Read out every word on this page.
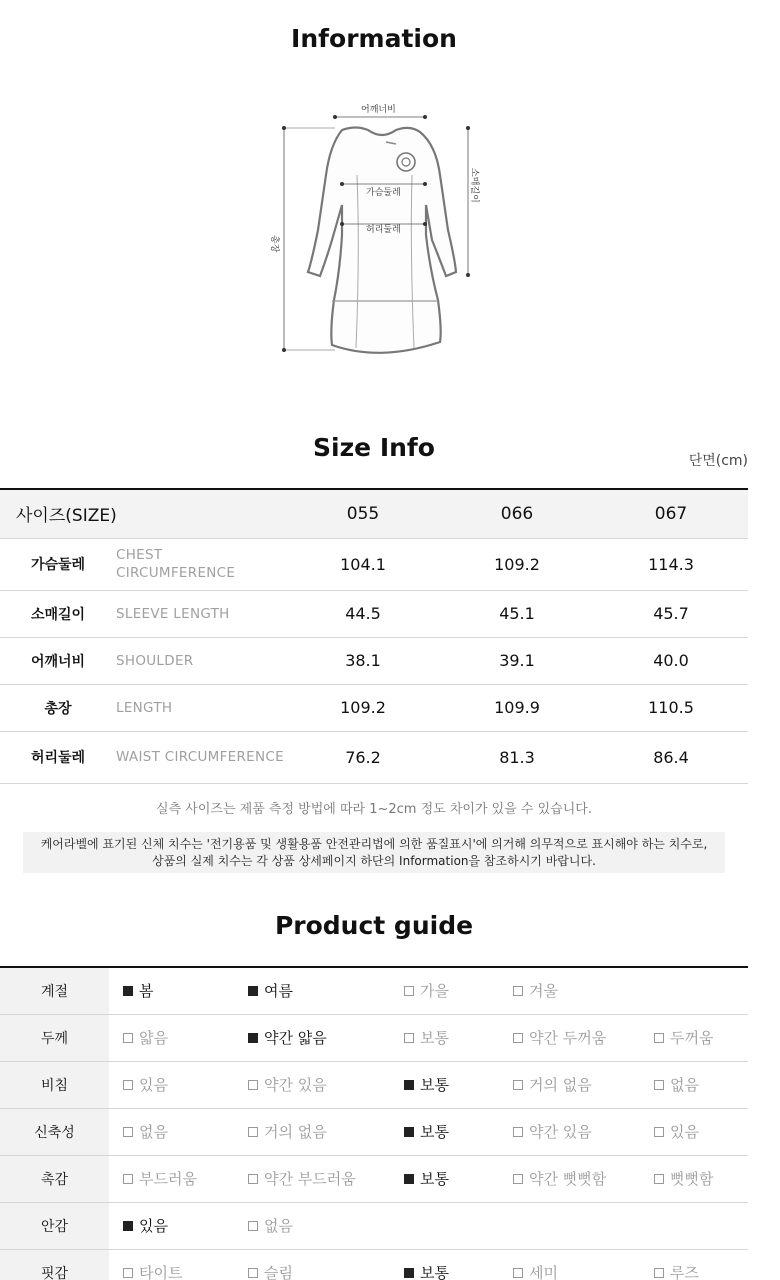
Information
어깨너비
총장
소매길이
가슴둘레
허리둘레
Size Info	단면(cm)
사이즈(SIZE)		055	066	067
가슴둘레	CHEST CIRCUMFERENCE	104.1	109.2	114.3
소매길이	SLEEVE LENGTH	44.5	45.1	45.7
어깨너비	SHOULDER	38.1	39.1	40.0
총장	LENGTH	109.2	109.9	110.5
허리둘레	WAIST CIRCUMFERENCE	76.2	81.3	86.4
실측 사이즈는 제품 측정 방법에 따라 1~2cm 정도 차이가 있을 수 있습니다.
케어라벨에 표기된 신체 치수는 '전기용품 및 생활용품 안전관리법에 의한 품질표시'에 의거해 의무적으로 표시해야 하는 치수로,
상품의 실제 치수는 각 상품 상세페이지 하단의 Information을 참조하시기 바랍니다.
Product guide
계절	봄	여름	가을	겨울	
두께	얇음	약간 얇음	보통	약간 두꺼움	두꺼움
비침	있음	약간 있음	보통	거의 없음	없음
신축성	없음	거의 없음	보통	약간 있음	있음
촉감	부드러움	약간 부드러움	보통	약간 뻣뻣함	뻣뻣함
안감	있음	없음			
핏감	타이트	슬림	보통	세미	루즈
